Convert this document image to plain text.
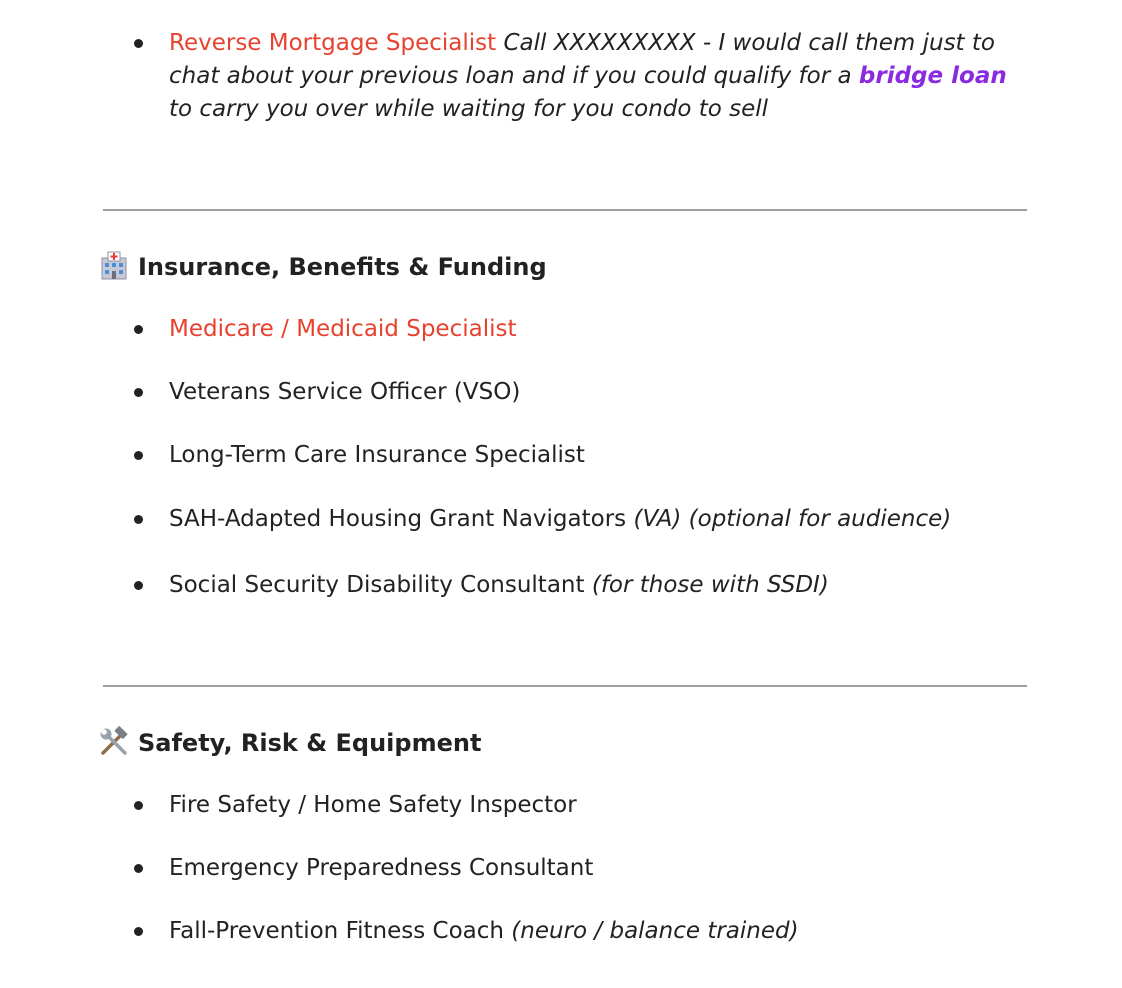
Reverse Mortgage Specialist Call XXXXXXXXX - I would call them just to chat about your previous loan and if you could qualify for a bridge loan to carry you over while waiting for you condo to sell
Insurance, Benefits & Funding
Medicare / Medicaid Specialist
Veterans Service Officer (VSO)
Long-Term Care Insurance Specialist
SAH-Adapted Housing Grant Navigators (VA) (optional for audience)
Social Security Disability Consultant (for those with SSDI)
Safety, Risk & Equipment
Fire Safety / Home Safety Inspector
Emergency Preparedness Consultant
Fall-Prevention Fitness Coach (neuro / balance trained)
